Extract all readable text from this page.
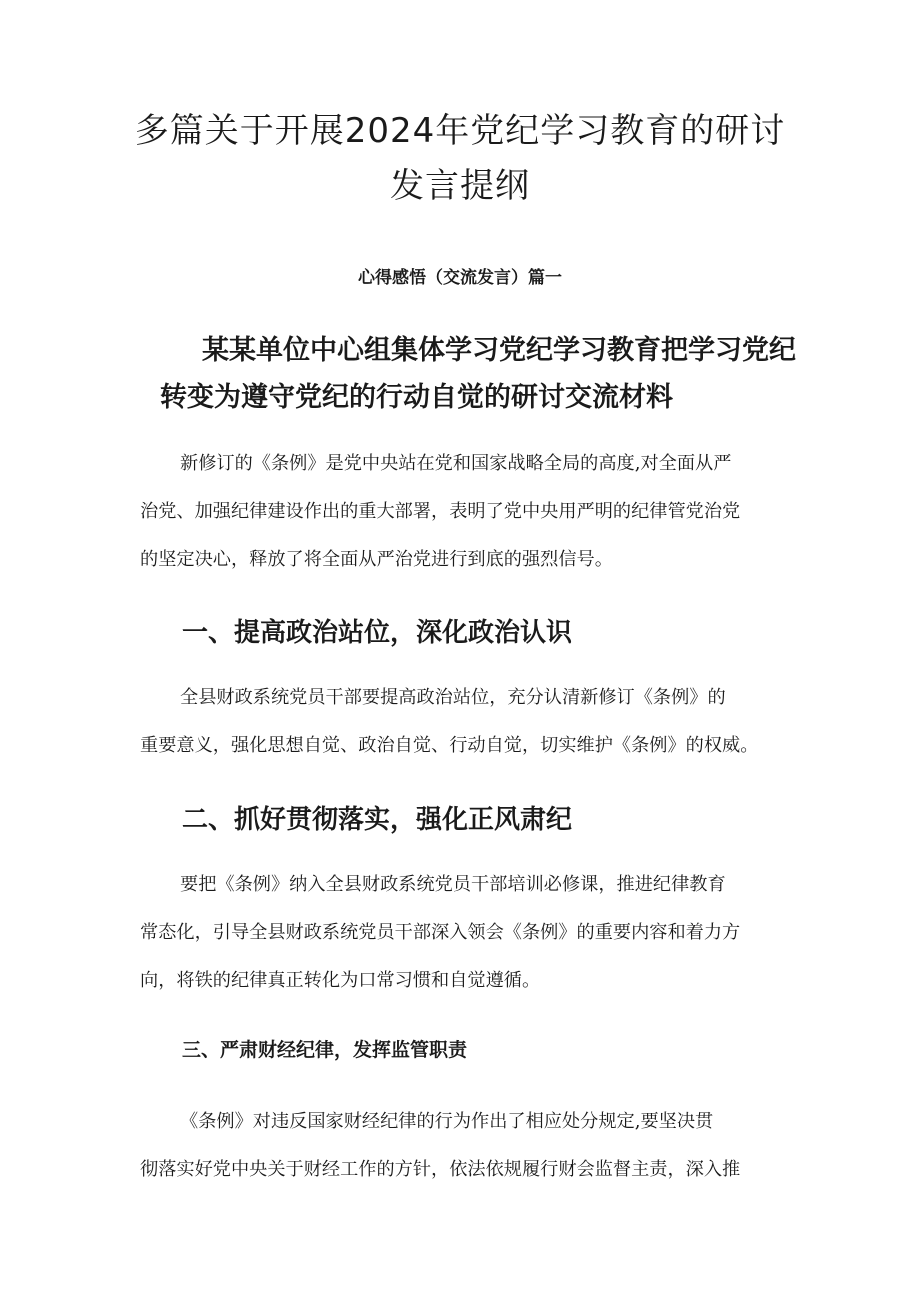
多篇关于开展2024年党纪学习教育的研讨
发言提纲

心得感悟（交流发言）篇一

某某单位中心组集体学习党纪学习教育把学习党纪
转变为遵守党纪的行动自觉的研讨交流材料
新修订的《条例》是党中央站在党和国家战略全局的高度,对全面从严
治党、加强纪律建设作出的重大部署，表明了党中央用严明的纪律管党治党
的坚定决心，释放了将全面从严治党进行到底的强烈信号。
一、提高政治站位，深化政治认识
全县财政系统党员干部要提高政治站位，充分认清新修订《条例》的
重要意义，强化思想自觉、政治自觉、行动自觉，切实维护《条例》的权威。
二、抓好贯彻落实，强化正风肃纪
要把《条例》纳入全县财政系统党员干部培训必修课，推进纪律教育
常态化，引导全县财政系统党员干部深入领会《条例》的重要内容和着力方
向，将铁的纪律真正转化为口常习惯和自觉遵循。
三、严肃财经纪律，发挥监管职责
《条例》对违反国家财经纪律的行为作出了相应处分规定,要坚决贯
彻落实好党中央关于财经工作的方针，依法依规履行财会监督主责，深入推
